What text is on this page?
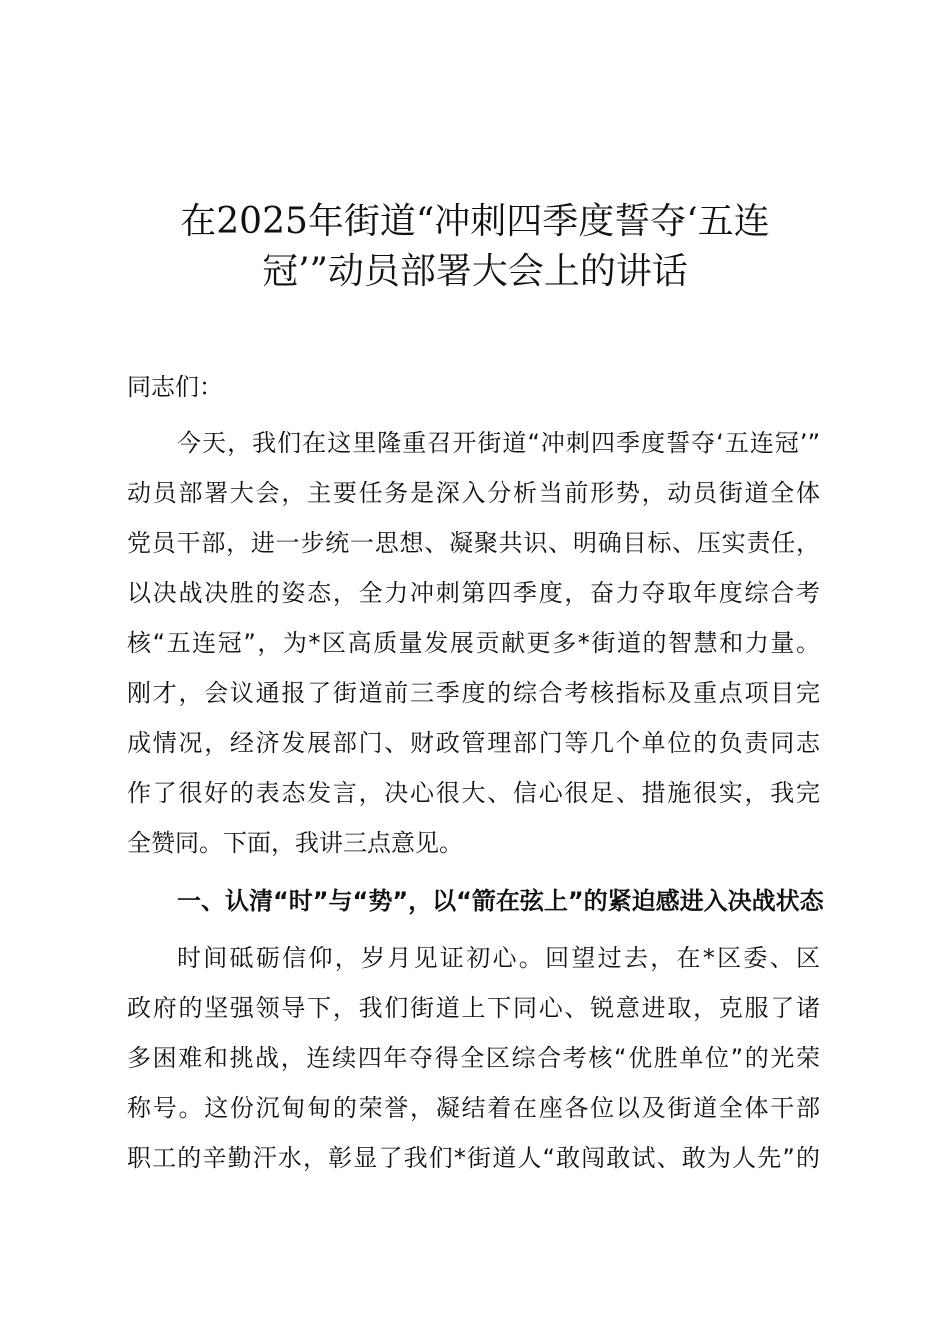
在2025年街道“冲刺四季度誓夺‘五连
冠’”动员部署大会上的讲话
同志们：
今天，我们在这里隆重召开街道“冲刺四季度誓夺‘五连冠’”
动员部署大会，主要任务是深入分析当前形势，动员街道全体
党员干部，进一步统一思想、凝聚共识、明确目标、压实责任，
以决战决胜的姿态，全力冲刺第四季度，奋力夺取年度综合考
核“五连冠”，为*区高质量发展贡献更多*街道的智慧和力量。
刚才，会议通报了街道前三季度的综合考核指标及重点项目完
成情况，经济发展部门、财政管理部门等几个单位的负责同志
作了很好的表态发言，决心很大、信心很足、措施很实，我完
全赞同。下面，我讲三点意见。
一、认清“时”与“势”，以“箭在弦上”的紧迫感进入决战状态
时间砥砺信仰，岁月见证初心。回望过去，在*区委、区
政府的坚强领导下，我们街道上下同心、锐意进取，克服了诸
多困难和挑战，连续四年夺得全区综合考核“优胜单位”的光荣
称号。这份沉甸甸的荣誉，凝结着在座各位以及街道全体干部
职工的辛勤汗水，彰显了我们*街道人“敢闯敢试、敢为人先”的
